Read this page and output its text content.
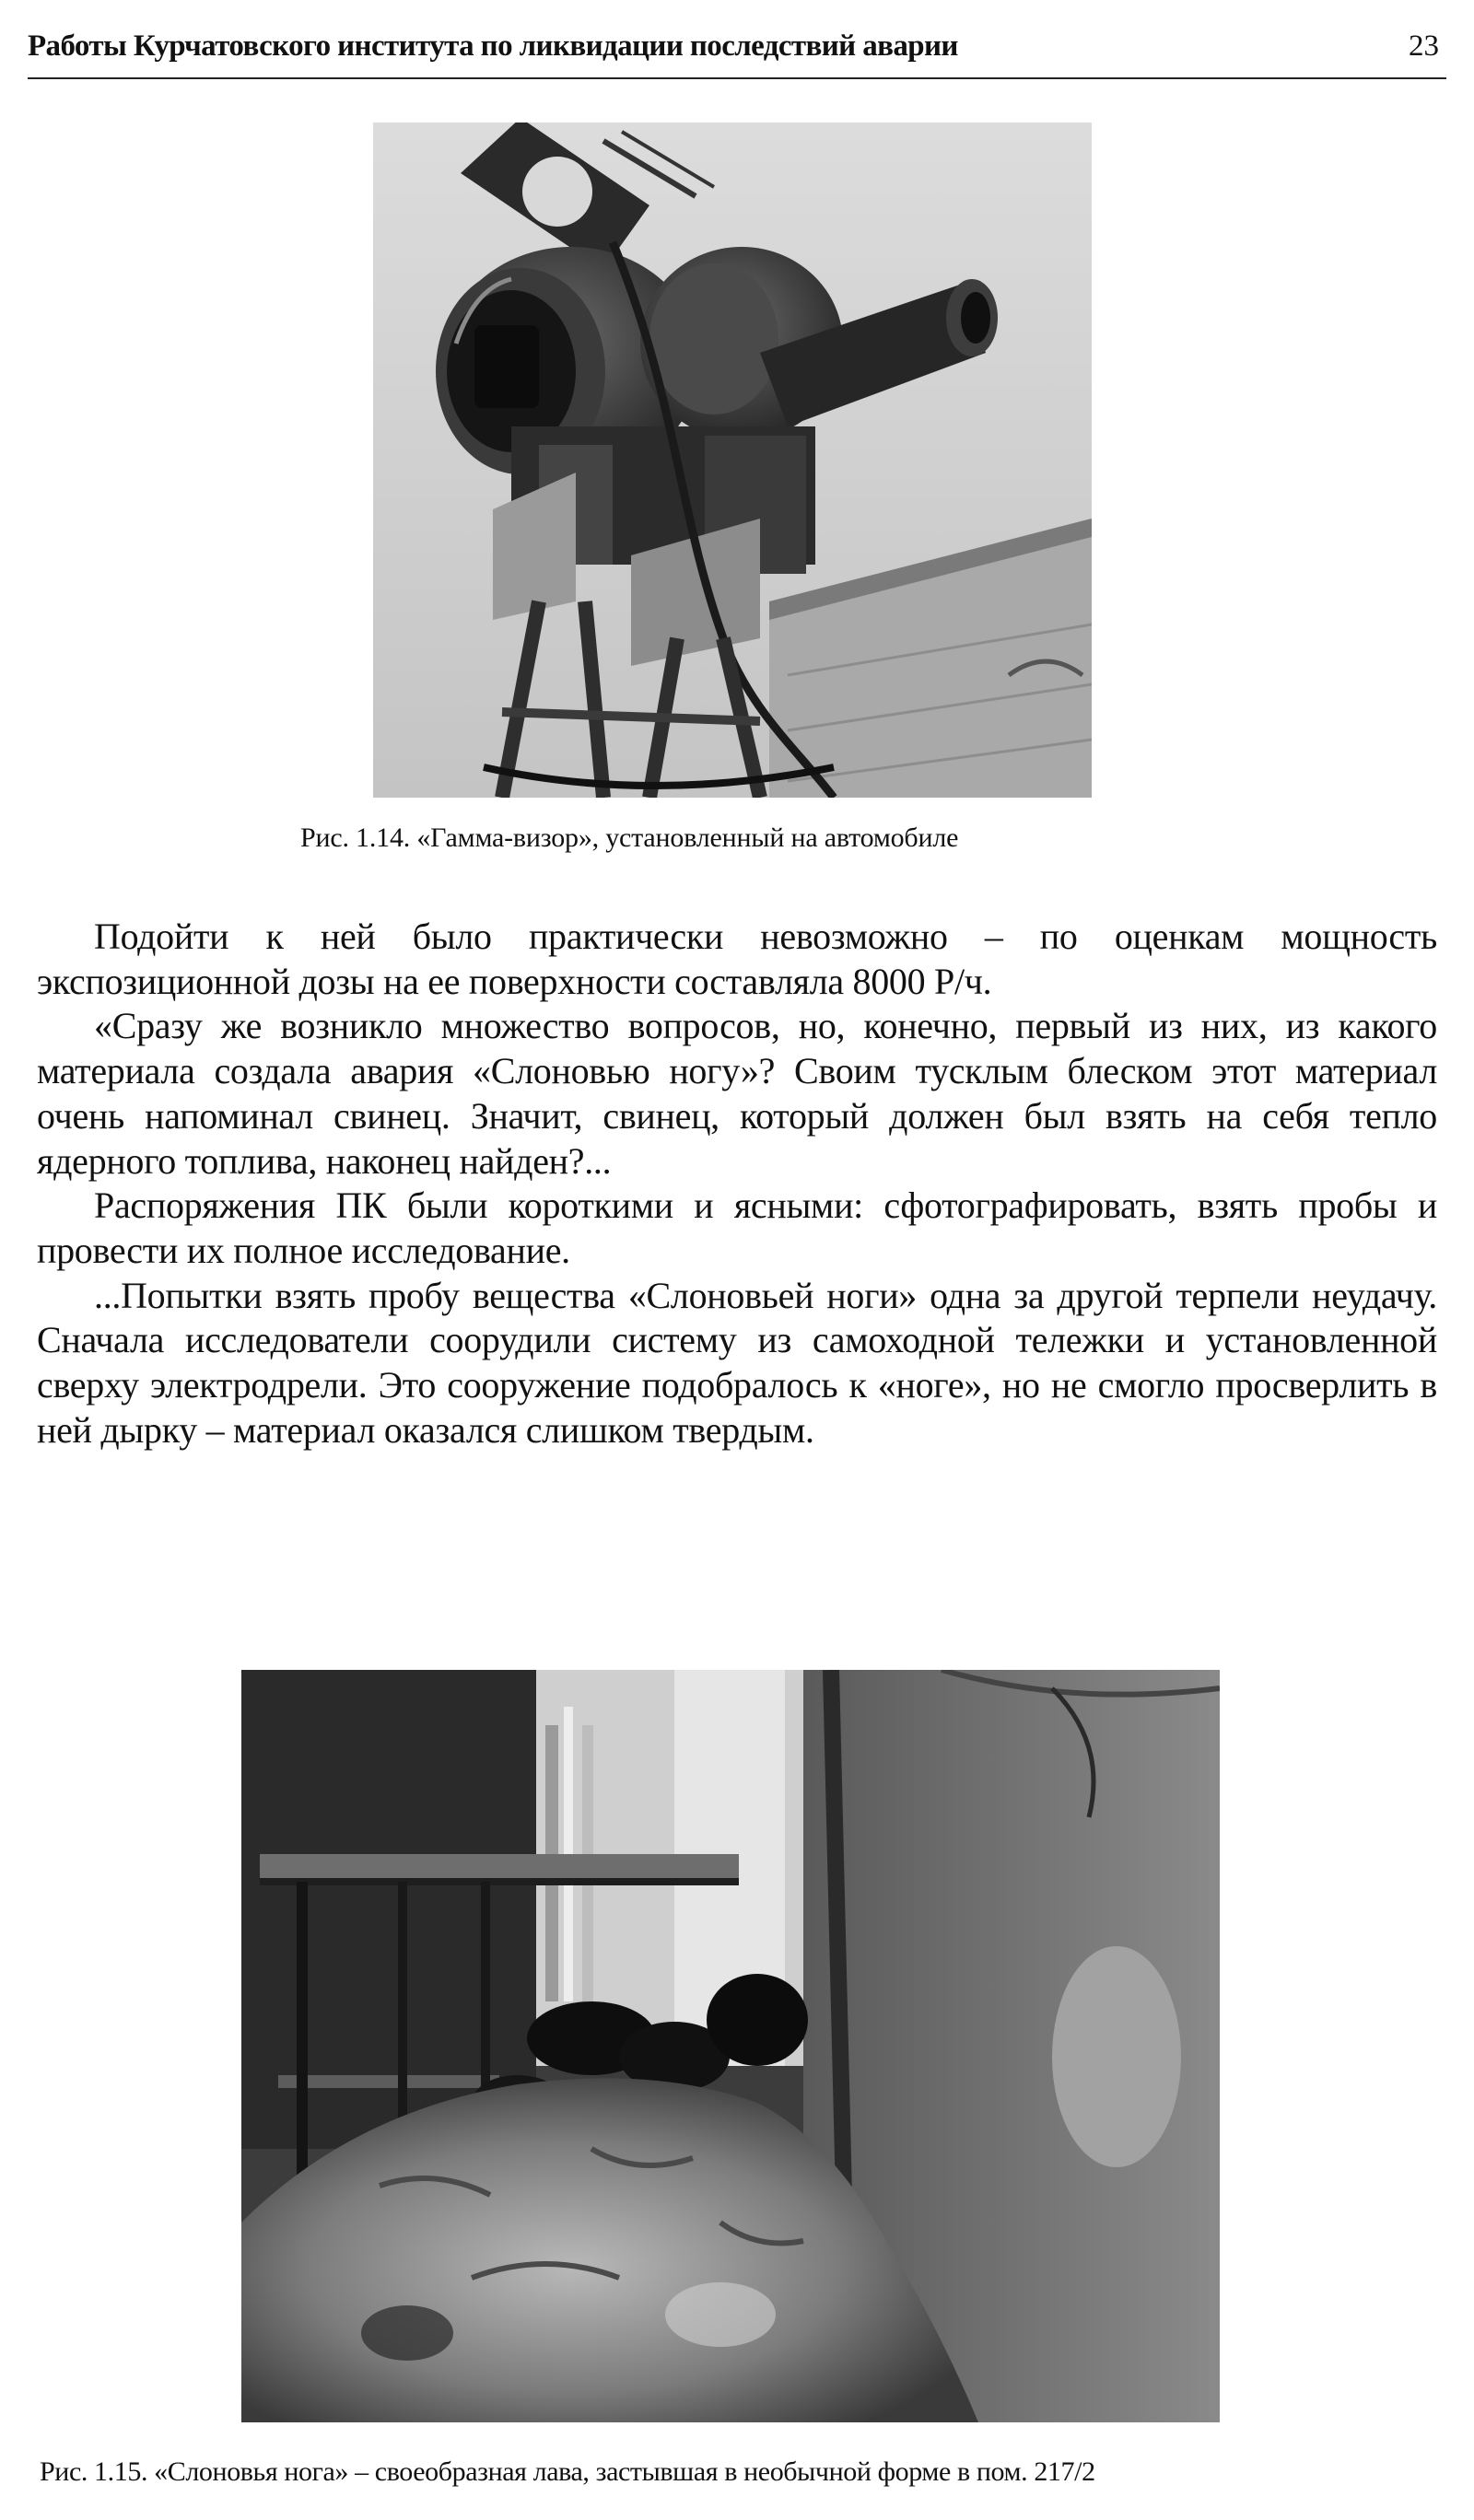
Работы Курчатовского института по ликвидации последствий аварии	23
Рис. 1.14. «Гамма-визор», установленный на автомобиле

Подойти к ней было практически невозможно – по оценкам мощность экспозиционной дозы на ее поверхности составляла 8000 Р/ч.

«Сразу же возникло множество вопросов, но, конечно, первый из них, из какого материала создала авария «Слоновью ногу»? Своим тусклым блеском этот материал очень напоминал свинец. Значит, свинец, который должен был взять на себя тепло ядерного топлива, наконец найден?...

Распоряжения ПК были короткими и ясными: сфотографировать, взять пробы и провести их полное исследование.

...Попытки взять пробу вещества «Слоновьей ноги» одна за другой терпели неудачу. Сначала исследователи соорудили систему из самоходной тележки и установленной сверху электродрели. Это сооружение подобралось к «ноге», но не смогло просверлить в ней дырку – материал оказался слишком твердым.

Рис. 1.15. «Слоновья нога» – своеобразная лава, застывшая в необычной форме в пом. 217/2
